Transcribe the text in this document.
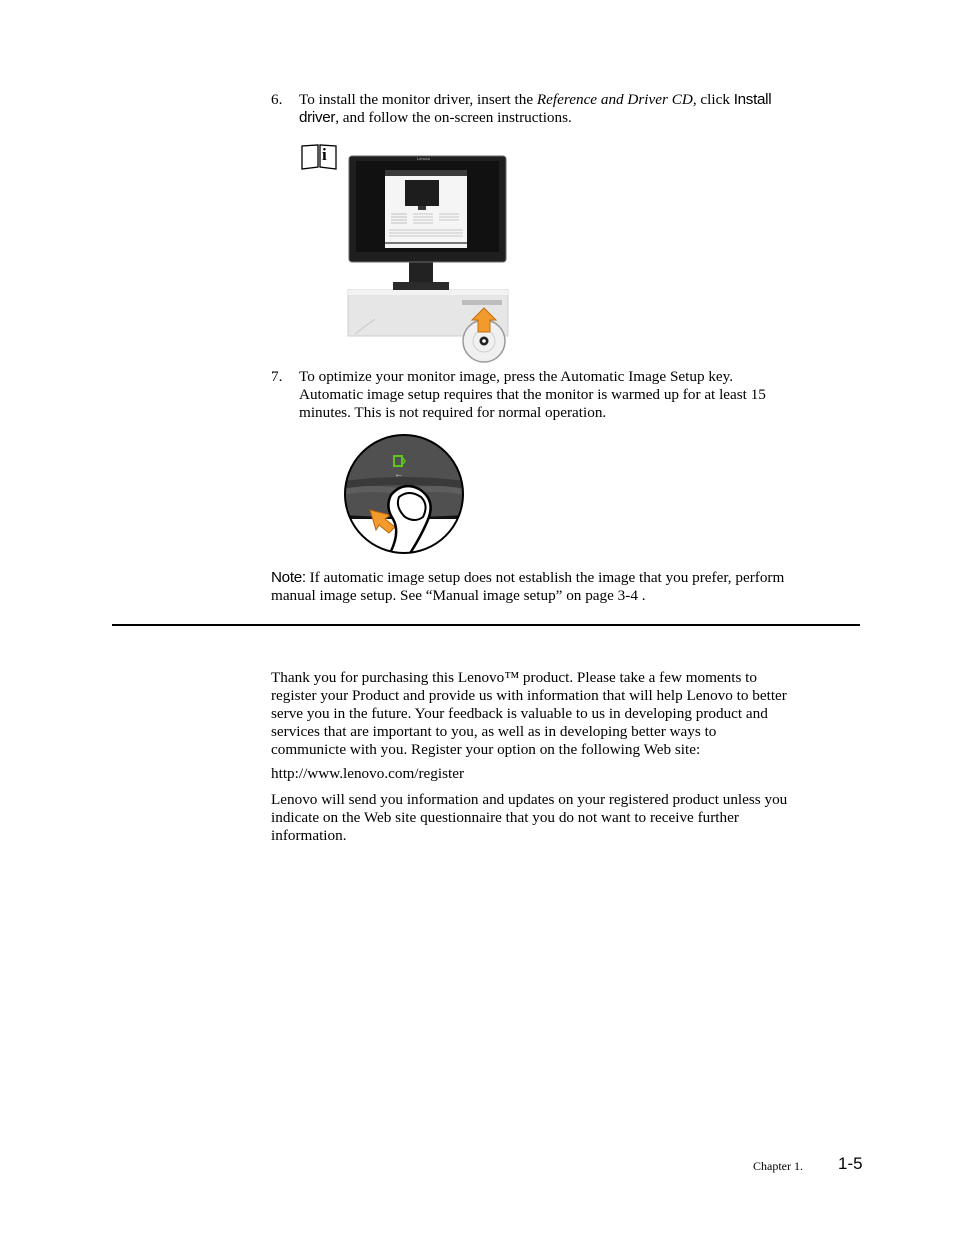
6. To install the monitor driver, insert the Reference and Driver CD, click Install
driver, and follow the on-screen instructions.
i	Lenovo
7. To optimize your monitor image, press the Automatic Image Setup key.
Automatic image setup requires that the monitor is warmed up for at least 15
minutes. This is not required for normal operation.
←
Note: If automatic image setup does not establish the image that you prefer, perform
manual image setup. See “Manual image setup” on page 3-4 .
Thank you for purchasing this Lenovo™ product. Please take a few moments to
register your Product and provide us with information that will help Lenovo to better
serve you in the future. Your feedback is valuable to us in developing product and
services that are important to you, as well as in developing better ways to
communicte with you. Register your option on the following Web site:
http://www.lenovo.com/register
Lenovo will send you information and updates on your registered product unless you
indicate on the Web site questionnaire that you do not want to receive further
information.
Chapter 1. 1-5
